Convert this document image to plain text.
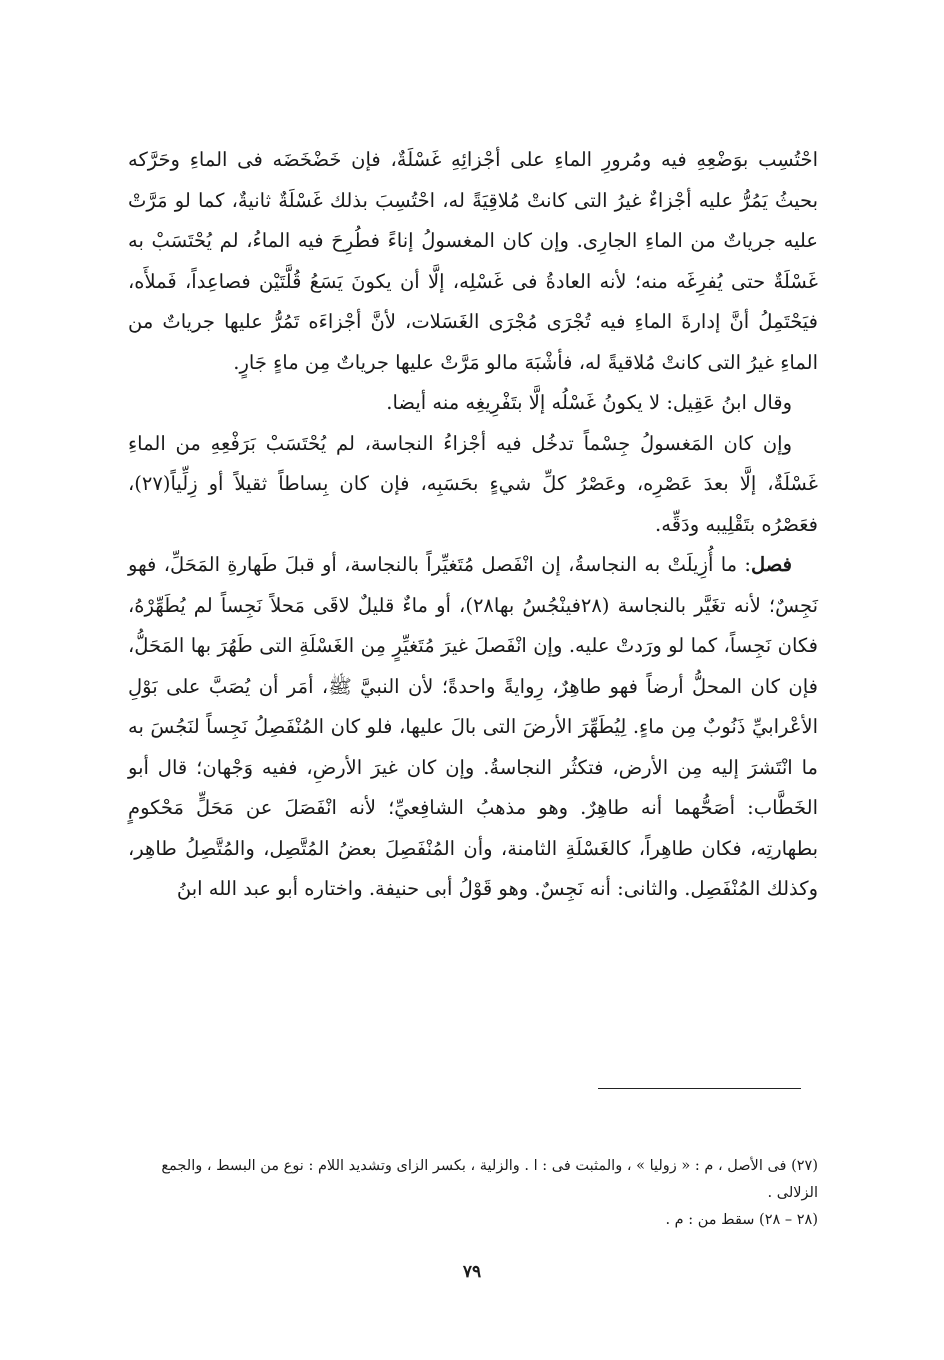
احْتُسِب بوَضْعِهِ فيه ومُرورِ الماءِ على أجْزائِهِ غَسْلَةٌ، فإن خَضْخَضَه فى الماءِ وحَرَّكه بحيثُ يَمُرُّ عليه أجْزاءٌ غيرُ التى كانتْ مُلاقِيَةً له، احْتُسِبَ بذلك غَسْلَةٌ ثانيةٌ، كما لو مَرَّتْ عليه جرياتٌ من الماءِ الجارِى. وإن كان المغسولُ إناءً فطُرِحَ فيه الماءُ، لم يُحْتَسَبْ به غَسْلَةٌ حتى يُفرِغَه منه؛ لأنه العادةُ فى غَسْلِه، إلَّا أن يكونَ يَسَعُ قُلَّتَيْن فصاعِداً، فَملأَه، فيَحْتَمِلُ أنَّ إدارةَ الماءِ فيه تُجْرَى مُجْرَى الغَسَلات، لأنَّ أجْزاءَه تَمُرُّ عليها جرياتٌ من الماءِ غيرُ التى كانتْ مُلاقيةً له، فأشْبَهَ مالو مَرَّتْ عليها جرياتٌ مِن ماءٍ جَارٍ.

وقال ابنُ عَقِيل: لا يكونُ غَسْلُه إلَّا بتَفْرِيغِه منه أيضا.

وإن كان المَغسولُ جِسْماً تدخُل فيه أجْزاءُ النجاسة، لم يُحْتَسَبْ بَرَفْعِهِ من الماءِ غَسْلَةٌ، إلَّا بعدَ عَصْرِه، وعَصْرُ كلِّ شيءٍ بحَسَبِه، فإن كان بِساطاً ثقيلاً أو زِلِّياً(٢٧)، فعَصْرُه بتَقْلِيبه ودَقِّه.

فصل: ما أُزِيلَتْ به النجاسةُ، إن انْفَصل مُتَغيِّراً بالنجاسة، أو قبلَ طَهارةِ المَحَلِّ، فهو نَجِسٌ؛ لأنه تغَيَّر بالنجاسة (٢٨فينْجُسُ بها٢٨)، أو ماءٌ قليلٌ لاقَى مَحلاً نَجِساً لم يُطَهِّرْهُ، فكان نَجِساً، كما لو ورَدتْ عليه. وإن انْفَصلَ غيرَ مُتَغيِّرٍ مِن الغَسْلَةِ التى طَهُرَ بها المَحَلُّ، فإن كان المحلُّ أرضاً فهو طاهِرٌ، رِوايةً واحدةً؛ لأن النبيَّ ﷺ، أمَر أن يُصَبَّ على بَوْلِ الأعْرابيِّ ذَنُوبٌ مِن ماءٍ. لِيُطَهِّرَ الأرضَ التى بالَ عليها، فلو كان المُنْفَصِلُ نَجِساً لنَجُسَ به ما انْتَشرَ إليه مِن الأرض، فتكثُر النجاسةُ. وإن كان غيرَ الأرضِ، ففيه وَجْهان؛ قال أبو الخَطَّاب: أصَحُّهما أنه طاهِرٌ. وهو مذهبُ الشافِعيِّ؛ لأنه انْفَصَلَ عن مَحَلٍّ مَحْكومٍ بطهارتِه، فكان طاهِراً، كالغَسْلَةِ الثامنة، وأن المُنْفَصِلَ بعضُ المُتَّصِل، والمُتَّصِلُ طاهِر، وكذلك المُنْفَصِل. والثانى: أنه نَجِسٌ. وهو قَوْلُ أبى حنيفة. واختاره أبو عبد الله ابنُ

(٢٧) فى الأصل ، م : « زوليا » ، والمثبت فى : ا . والزلية ، بكسر الزاى وتشديد اللام : نوع من البسط ، والجمع الزلالى .

(٢٨ – ٢٨) سقط من : م .

٧٩
